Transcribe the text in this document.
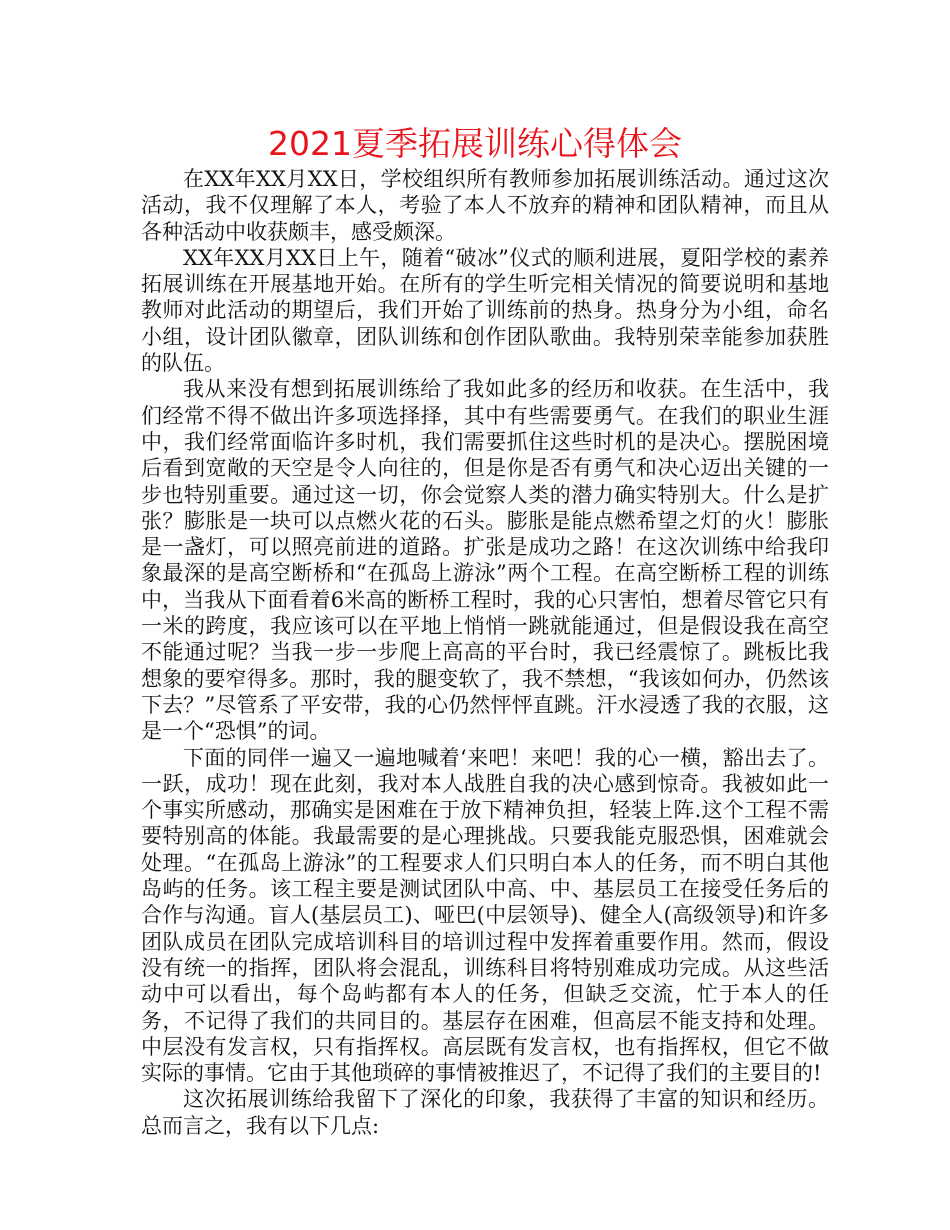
2021夏季拓展训练心得体会

在XX年XX月XX日，学校组织所有教师参加拓展训练活动。通过这次活动，我不仅理解了本人，考验了本人不放弃的精神和团队精神，而且从各种活动中收获颇丰，感受颇深。

XX年XX月XX日上午，随着“破冰”仪式的顺利进展，夏阳学校的素养拓展训练在开展基地开始。在所有的学生听完相关情况的简要说明和基地教师对此活动的期望后，我们开始了训练前的热身。热身分为小组，命名小组，设计团队徽章，团队训练和创作团队歌曲。我特别荣幸能参加获胜的队伍。

我从来没有想到拓展训练给了我如此多的经历和收获。在生活中，我们经常不得不做出许多项选择择，其中有些需要勇气。在我们的职业生涯中，我们经常面临许多时机，我们需要抓住这些时机的是决心。摆脱困境后看到宽敞的天空是令人向往的，但是你是否有勇气和决心迈出关键的一步也特别重要。通过这一切，你会觉察人类的潜力确实特别大。什么是扩张？膨胀是一块可以点燃火花的石头。膨胀是能点燃希望之灯的火！膨胀是一盏灯，可以照亮前进的道路。扩张是成功之路！在这次训练中给我印象最深的是高空断桥和“在孤岛上游泳”两个工程。在高空断桥工程的训练中，当我从下面看着6米高的断桥工程时，我的心只害怕，想着尽管它只有一米的跨度，我应该可以在平地上悄悄一跳就能通过，但是假设我在高空不能通过呢？当我一步一步爬上高高的平台时，我已经震惊了。跳板比我想象的要窄得多。那时，我的腿变软了，我不禁想，“我该如何办，仍然该下去？”尽管系了平安带，我的心仍然怦怦直跳。汗水浸透了我的衣服，这是一个“恐惧”的词。

下面的同伴一遍又一遍地喊着‘来吧！来吧！我的心一横，豁出去了。一跃，成功！现在此刻，我对本人战胜自我的决心感到惊奇。我被如此一个事实所感动，那确实是困难在于放下精神负担，轻装上阵.这个工程不需要特别高的体能。我最需要的是心理挑战。只要我能克服恐惧，困难就会处理。“在孤岛上游泳”的工程要求人们只明白本人的任务，而不明白其他岛屿的任务。该工程主要是测试团队中高、中、基层员工在接受任务后的合作与沟通。盲人(基层员工)、哑巴(中层领导)、健全人(高级领导)和许多团队成员在团队完成培训科目的培训过程中发挥着重要作用。然而，假设没有统一的指挥，团队将会混乱，训练科目将特别难成功完成。从这些活动中可以看出，每个岛屿都有本人的任务，但缺乏交流，忙于本人的任务，不记得了我们的共同目的。基层存在困难，但高层不能支持和处理。中层没有发言权，只有指挥权。高层既有发言权，也有指挥权，但它不做实际的事情。它由于其他琐碎的事情被推迟了，不记得了我们的主要目的!

这次拓展训练给我留下了深化的印象，我获得了丰富的知识和经历。总而言之，我有以下几点:
